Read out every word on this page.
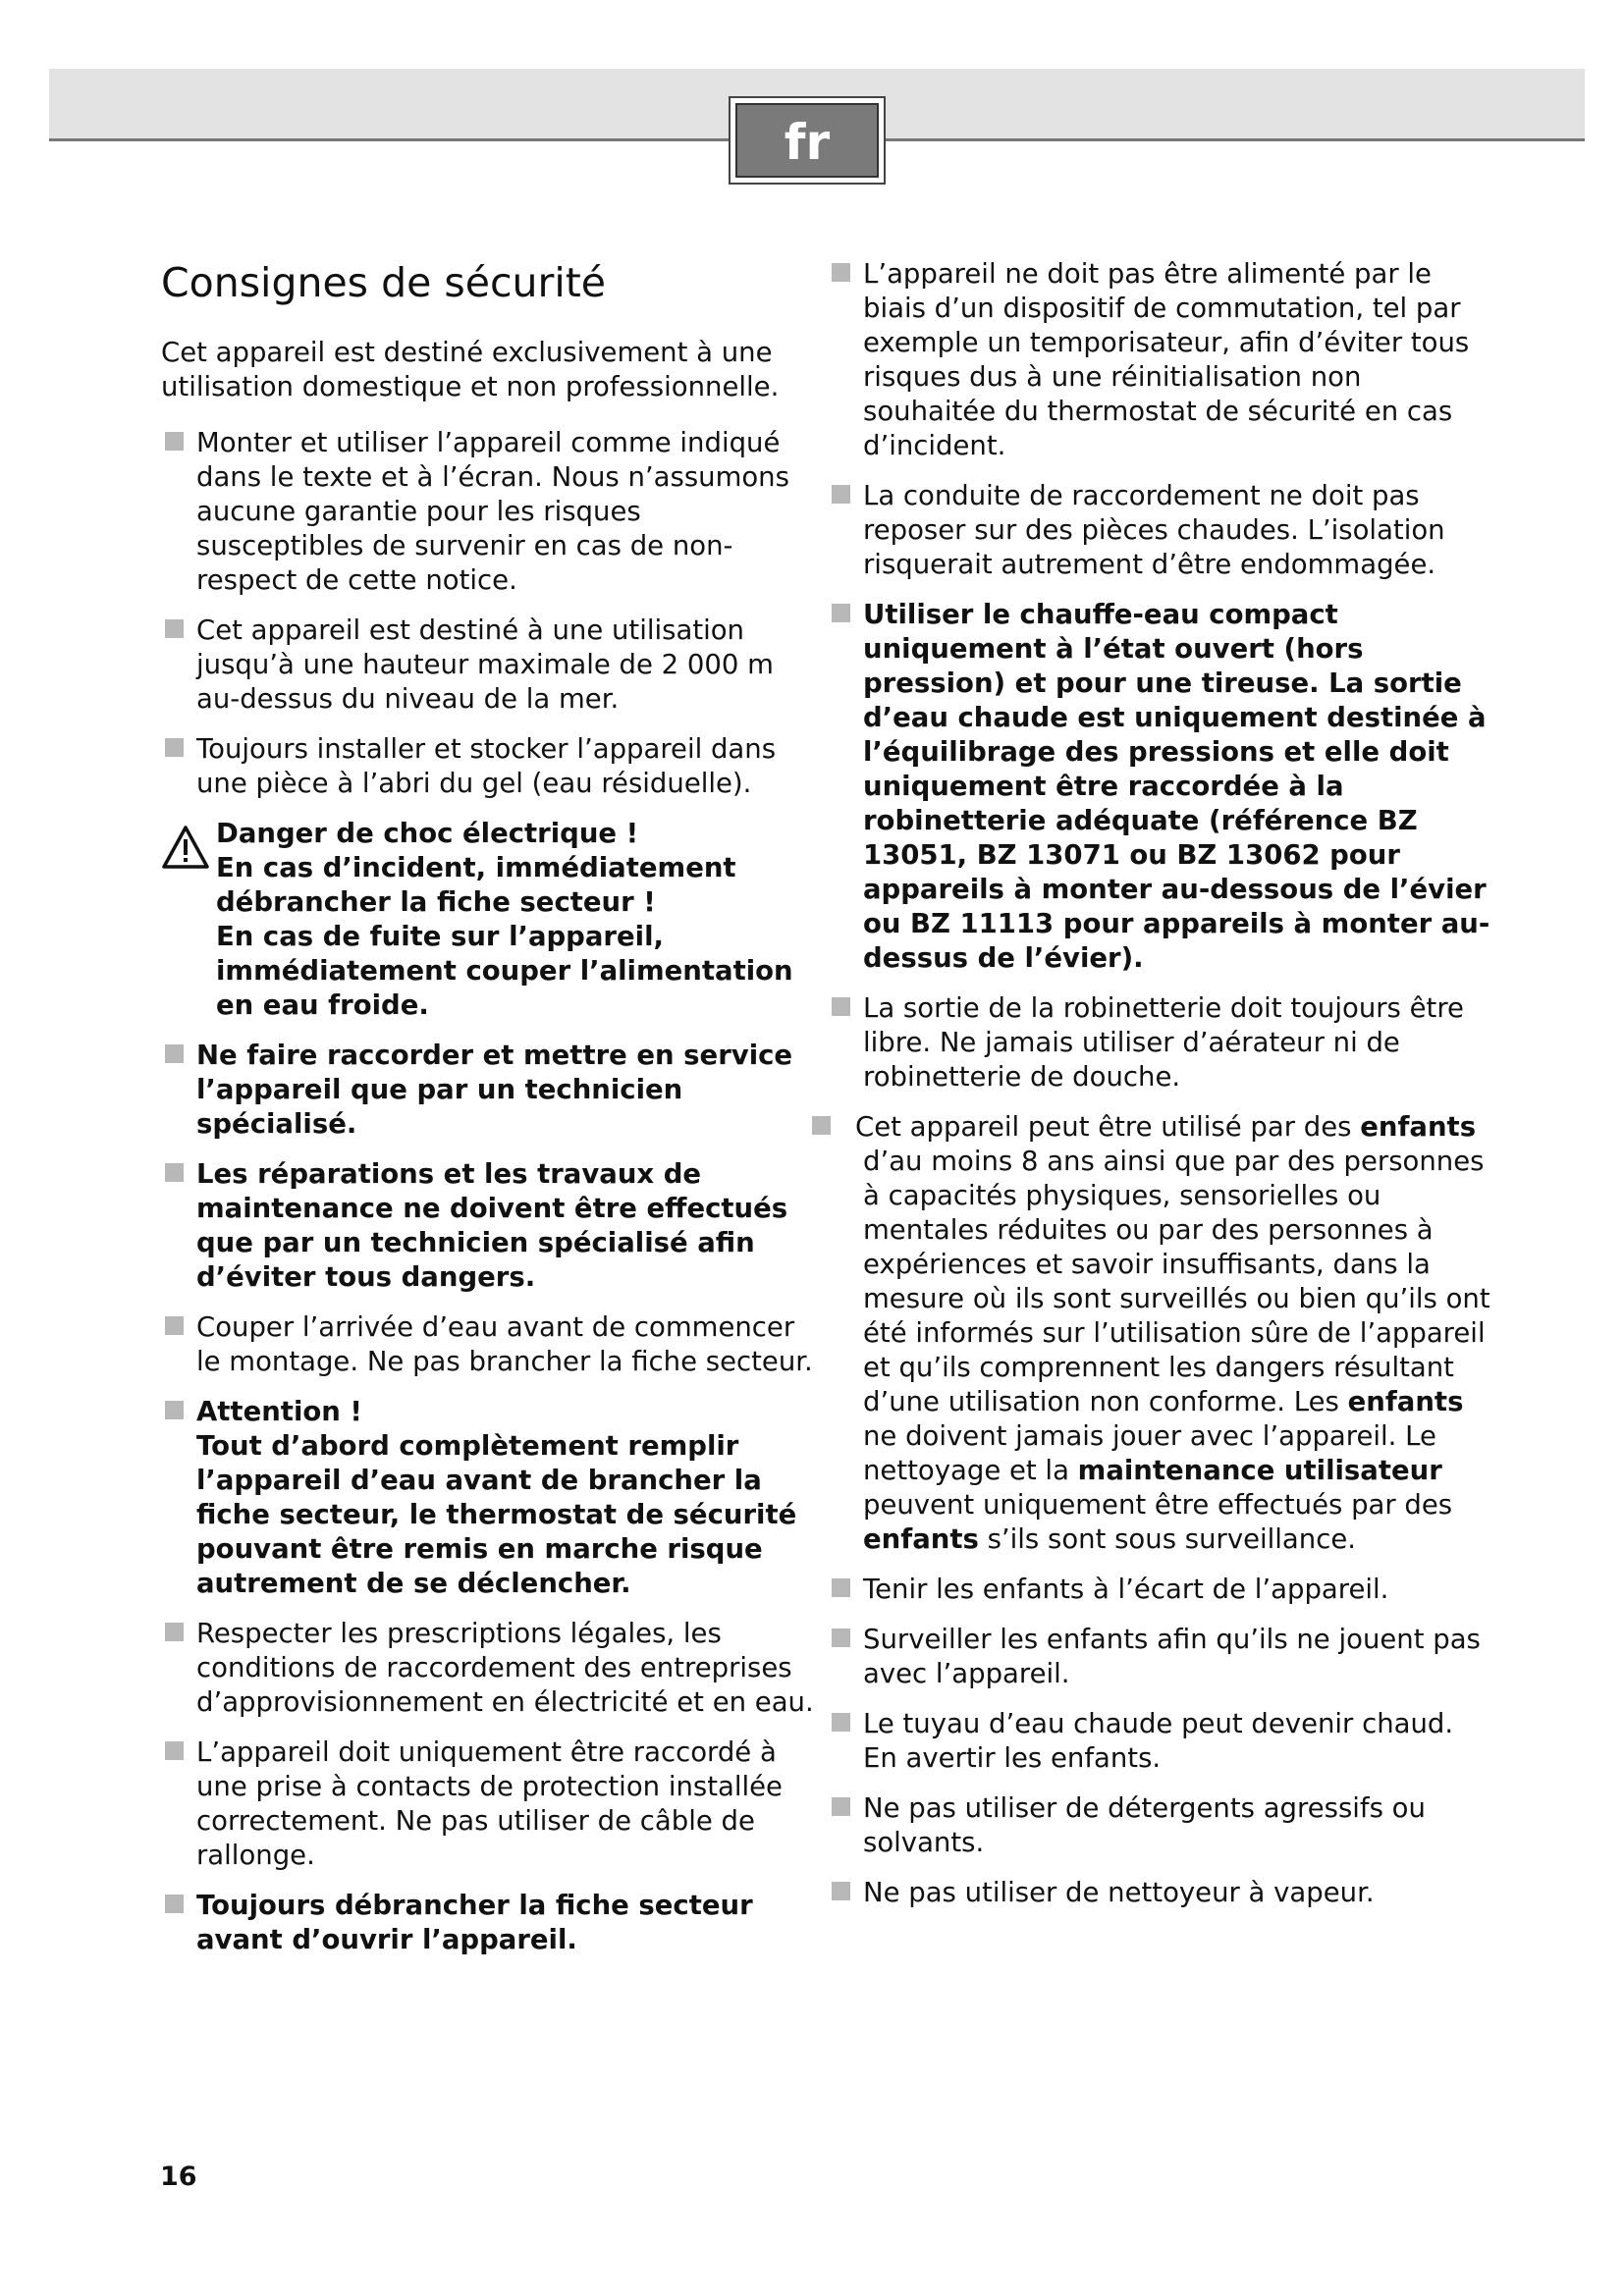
fr
Consignes de sécurité

Cet appareil est destiné exclusivement à une utilisation domestique et non professionnelle.

Monter et utiliser l’appareil comme indiqué dans le texte et à l’écran. Nous n’assumons aucune garantie pour les risques susceptibles de survenir en cas de non-respect de cette notice.

Cet appareil est destiné à une utilisation jusqu’à une hauteur maximale de 2 000 m au-dessus du niveau de la mer.

Toujours installer et stocker l’appareil dans une pièce à l’abri du gel (eau résiduelle).

Danger de choc électrique !
En cas d’incident, immédiatement débrancher la fiche secteur !
En cas de fuite sur l’appareil, immédiatement couper l’alimentation en eau froide.

Ne faire raccorder et mettre en service l’appareil que par un technicien spécialisé.

Les réparations et les travaux de maintenance ne doivent être effectués que par un technicien spécialisé afin d’éviter tous dangers.

Couper l’arrivée d’eau avant de commencer le montage. Ne pas brancher la fiche secteur.

Attention !
Tout d’abord complètement remplir l’appareil d’eau avant de brancher la fiche secteur, le thermostat de sécurité pouvant être remis en marche risque autrement de se déclencher.

Respecter les prescriptions légales, les conditions de raccordement des entreprises d’approvisionnement en électricité et en eau.

L’appareil doit uniquement être raccordé à une prise à contacts de protection installée correctement. Ne pas utiliser de câble de rallonge.

Toujours débrancher la fiche secteur avant d’ouvrir l’appareil.

L’appareil ne doit pas être alimenté par le biais d’un dispositif de commutation, tel par exemple un temporisateur, afin d’éviter tous risques dus à une réinitialisation non souhaitée du thermostat de sécurité en cas d’incident.

La conduite de raccordement ne doit pas reposer sur des pièces chaudes. L’isolation risquerait autrement d’être endommagée.

Utiliser le chauffe-eau compact uniquement à l’état ouvert (hors pression) et pour une tireuse. La sortie d’eau chaude est uniquement destinée à l’équilibrage des pressions et elle doit uniquement être raccordée à la robinetterie adéquate (référence BZ 13051, BZ 13071 ou BZ 13062 pour appareils à monter au-dessous de l’évier ou BZ 11113 pour appareils à monter au-dessus de l’évier).

La sortie de la robinetterie doit toujours être libre. Ne jamais utiliser d’aérateur ni de robinetterie de douche.

Cet appareil peut être utilisé par des enfants d’au moins 8 ans ainsi que par des personnes à capacités physiques, sensorielles ou mentales réduites ou par des personnes à expériences et savoir insuffisants, dans la mesure où ils sont surveillés ou bien qu’ils ont été informés sur l’utilisation sûre de l’appareil et qu’ils comprennent les dangers résultant d’une utilisation non conforme. Les enfants ne doivent jamais jouer avec l’appareil. Le nettoyage et la maintenance utilisateur peuvent uniquement être effectués par des enfants s’ils sont sous surveillance.

Tenir les enfants à l’écart de l’appareil.

Surveiller les enfants afin qu’ils ne jouent pas avec l’appareil.

Le tuyau d’eau chaude peut devenir chaud. En avertir les enfants.

Ne pas utiliser de détergents agressifs ou solvants.

Ne pas utiliser de nettoyeur à vapeur.

16
